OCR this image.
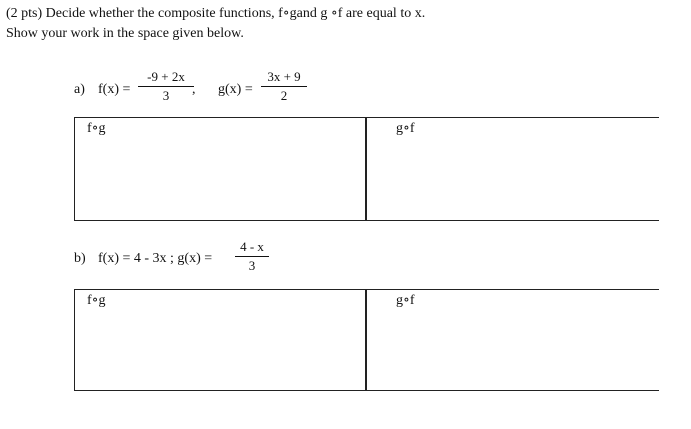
(2 pts) Decide whether the composite functions, f∘gand g ∘f are equal to x.
Show your work in the space given below.
a) f(x) =
-9 + 2x
3	, g(x) =
3x + 9
2
f∘g	g∘f
b) f(x) = 4 - 3x ; g(x) =
4 - x
3
f∘g	g∘f
